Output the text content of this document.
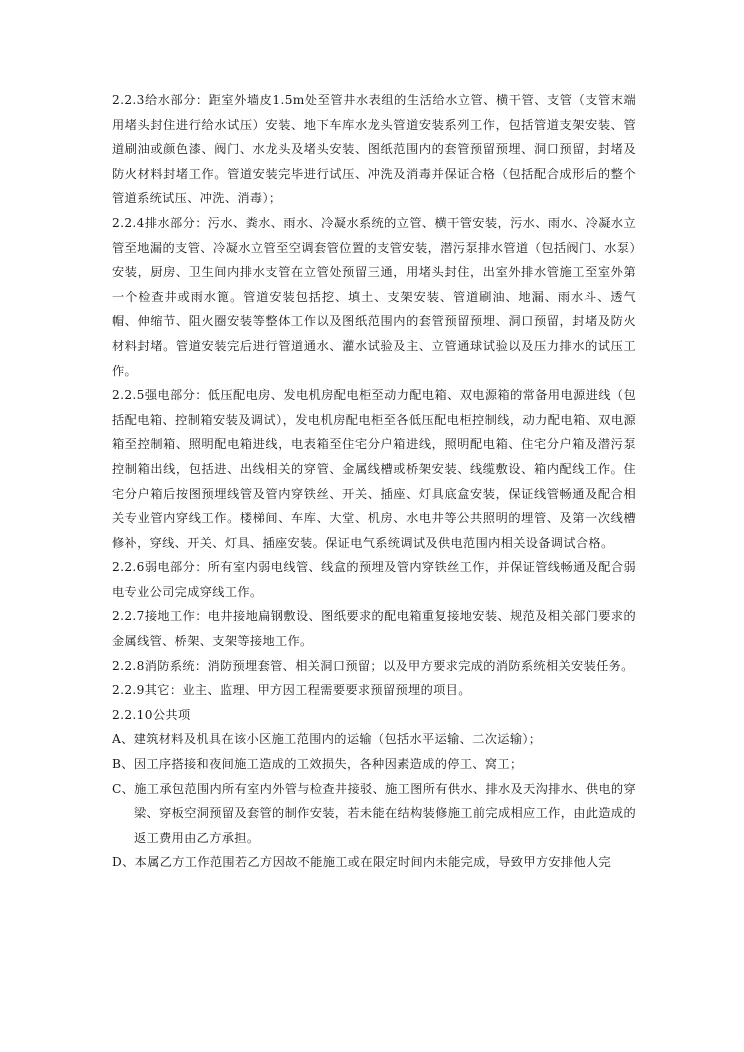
2.2.3给水部分：距室外墙皮1.5m处至管井水表组的生活给水立管、横干管、支管（支管末端用堵头封住进行给水试压）安装、地下车库水龙头管道安装系列工作，包括管道支架安装、管道刷油或颜色漆、阀门、水龙头及堵头安装、图纸范围内的套管预留预埋、洞口预留，封堵及防火材料封堵工作。管道安装完毕进行试压、冲洗及消毒并保证合格（包括配合成形后的整个管道系统试压、冲洗、消毒）；

2.2.4排水部分：污水、粪水、雨水、冷凝水系统的立管、横干管安装，污水、雨水、冷凝水立管至地漏的支管、冷凝水立管至空调套管位置的支管安装，潜污泵排水管道（包括阀门、水泵）安装，厨房、卫生间内排水支管在立管处预留三通，用堵头封住，出室外排水管施工至室外第一个检查井或雨水篦。管道安装包括挖、填土、支架安装、管道刷油、地漏、雨水斗、透气帽、伸缩节、阻火圈安装等整体工作以及图纸范围内的套管预留预埋、洞口预留，封堵及防火材料封堵。管道安装完后进行管道通水、灌水试验及主、立管通球试验以及压力排水的试压工作。

2.2.5强电部分：低压配电房、发电机房配电柜至动力配电箱、双电源箱的常备用电源进线（包括配电箱、控制箱安装及调试），发电机房配电柜至各低压配电柜控制线，动力配电箱、双电源箱至控制箱、照明配电箱进线，电表箱至住宅分户箱进线，照明配电箱、住宅分户箱及潜污泵控制箱出线，包括进、出线相关的穿管、金属线槽或桥架安装、线缆敷设、箱内配线工作。住宅分户箱后按图预埋线管及管内穿铁丝、开关、插座、灯具底盒安装，保证线管畅通及配合相关专业管内穿线工作。楼梯间、车库、大堂、机房、水电井等公共照明的埋管、及第一次线槽修补，穿线、开关、灯具、插座安装。保证电气系统调试及供电范围内相关设备调试合格。

2.2.6弱电部分：所有室内弱电线管、线盒的预埋及管内穿铁丝工作，并保证管线畅通及配合弱电专业公司完成穿线工作。

2.2.7接地工作：电井接地扁钢敷设、图纸要求的配电箱重复接地安装、规范及相关部门要求的金属线管、桥架、支架等接地工作。

2.2.8消防系统：消防预埋套管、相关洞口预留；以及甲方要求完成的消防系统相关安装任务。

2.2.9其它：业主、监理、甲方因工程需要要求预留预埋的项目。

2.2.10公共项

A、建筑材料及机具在该小区施工范围内的运输（包括水平运输、二次运输）；

B、因工序搭接和夜间施工造成的工效损失，各种因素造成的停工、窝工；

C、施工承包范围内所有室内外管与检查井接驳、施工图所有供水、排水及天沟排水、供电的穿梁、穿板空洞预留及套管的制作安装，若未能在结构装修施工前完成相应工作，由此造成的返工费用由乙方承担。

D、本属乙方工作范围若乙方因故不能施工或在限定时间内未能完成，导致甲方安排他人完
